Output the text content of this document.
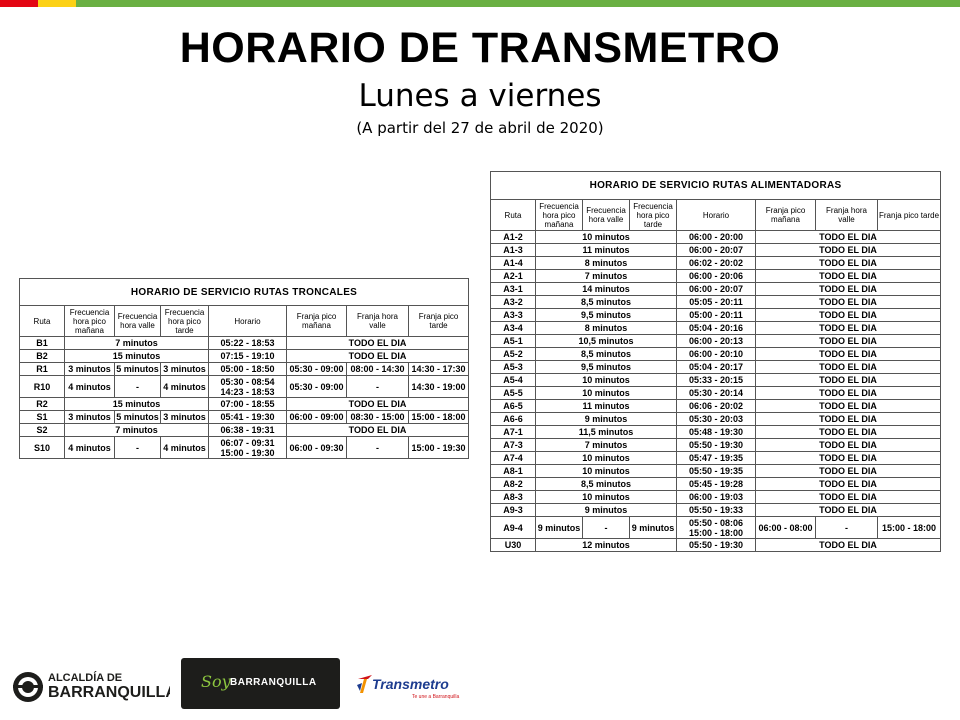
HORARIO DE TRANSMETRO
Lunes a viernes
(A partir del 27 de abril de 2020)
HORARIO DE SERVICIO RUTAS TRONCALES							
Ruta	Frecuencia hora pico mañana	Frecuencia hora valle	Frecuencia hora pico tarde	Horario	Franja pico mañana	Franja hora valle	Franja pico tarde
B1	7 minutos			05:22 - 18:53	TODO EL DIA		
B2	15 minutos			07:15 - 19:10	TODO EL DIA		
R1	3 minutos	5 minutos	3 minutos	05:00 - 18:50	05:30 - 09:00	08:00 - 14:30	14:30 - 17:30
R10	4 minutos	-	4 minutos	05:30 - 08:54
14:23 - 18:53	05:30 - 09:00	-	14:30 - 19:00
R2	15 minutos			07:00 - 18:55	TODO EL DIA		
S1	3 minutos	5 minutos	3 minutos	05:41 - 19:30	06:00 - 09:00	08:30 - 15:00	15:00 - 18:00
S2	7 minutos			06:38 - 19:31	TODO EL DIA		
S10	4 minutos	-	4 minutos	06:07 - 09:31
15:00 - 19:30	06:00 - 09:30	-	15:00 - 19:30
HORARIO DE SERVICIO RUTAS ALIMENTADORAS							
Ruta	Frecuencia hora pico mañana	Frecuencia hora valle	Frecuencia hora pico tarde	Horario	Franja pico mañana	Franja hora valle	Franja pico tarde
A1-2	10 minutos			06:00 - 20:00	TODO EL DIA		
A1-3	11 minutos			06:00 - 20:07	TODO EL DIA		
A1-4	8 minutos			06:02 - 20:02	TODO EL DIA		
A2-1	7 minutos			06:00 - 20:06	TODO EL DIA		
A3-1	14 minutos			06:00 - 20:07	TODO EL DIA		
A3-2	8,5 minutos			05:05 - 20:11	TODO EL DIA		
A3-3	9,5 minutos			05:00 - 20:11	TODO EL DIA		
A3-4	8 minutos			05:04 - 20:16	TODO EL DIA		
A5-1	10,5 minutos			06:00 - 20:13	TODO EL DIA		
A5-2	8,5 minutos			06:00 - 20:10	TODO EL DIA		
A5-3	9,5 minutos			05:04 - 20:17	TODO EL DIA		
A5-4	10 minutos			05:33 - 20:15	TODO EL DIA		
A5-5	10 minutos			05:30 - 20:14	TODO EL DIA		
A6-5	11 minutos			06:06 - 20:02	TODO EL DIA		
A6-6	9 minutos			05:30 - 20:03	TODO EL DIA		
A7-1	11,5 minutos			05:48 - 19:30	TODO EL DIA		
A7-3	7 minutos			05:50 - 19:30	TODO EL DIA		
A7-4	10 minutos			05:47 - 19:35	TODO EL DIA		
A8-1	10 minutos			05:50 - 19:35	TODO EL DIA		
A8-2	8,5 minutos			05:45 - 19:28	TODO EL DIA		
A8-3	10 minutos			06:00 - 19:03	TODO EL DIA		
A9-3	9 minutos			05:50 - 19:33	TODO EL DIA		
A9-4	9 minutos	-	9 minutos	05:50 - 08:06
15:00 - 18:00	06:00 - 08:00	-	15:00 - 18:00
U30	12 minutos			05:50 - 19:30	TODO EL DIA		
ALCALDÍA DE
BARRANQUILLA
Soy BARRANQUILLA	Transmetro
Te une a Barranquilla
